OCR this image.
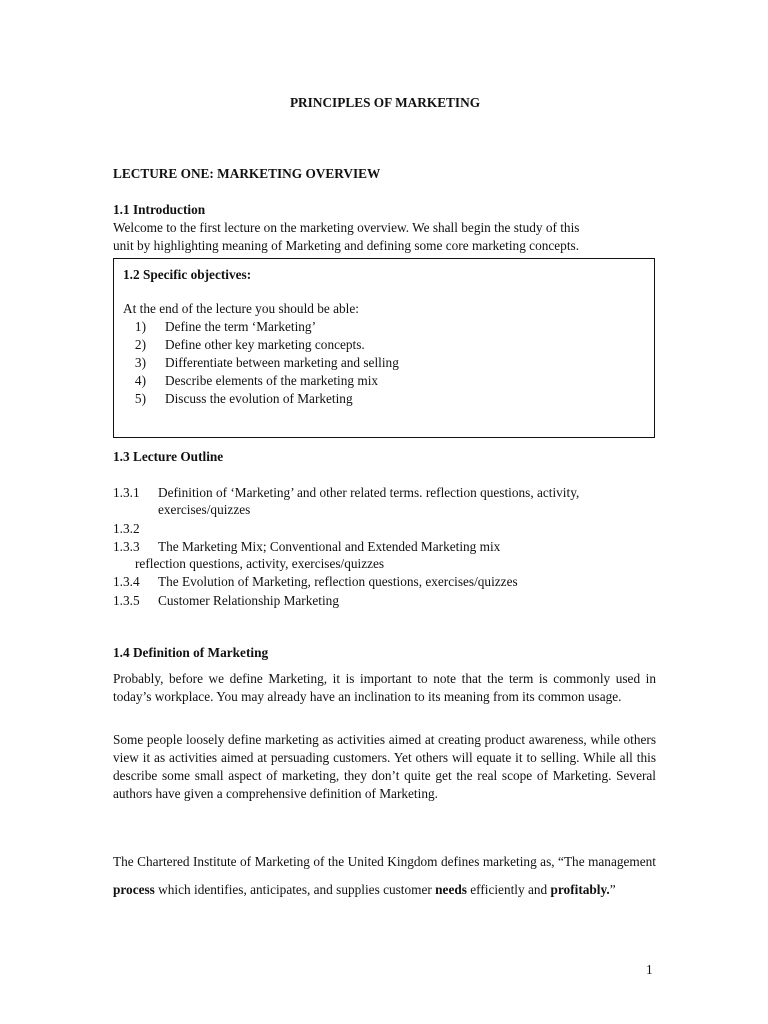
PRINCIPLES OF MARKETING
LECTURE ONE: MARKETING OVERVIEW
1.1 Introduction
Welcome to the first lecture on the marketing overview. We shall begin the study of this
unit by highlighting meaning of Marketing and defining some core marketing concepts.
1.2 Specific objectives:
At the end of the lecture you should be able:
1) Define the term ‘Marketing’
2) Define other key marketing concepts.
3) Differentiate between marketing and selling
4) Describe elements of the marketing mix
5) Discuss the evolution of Marketing
1.3 Lecture Outline
1.3.1 Definition of ‘Marketing’ and other related terms. reflection questions, activity,
exercises/quizzes
1.3.2
1.3.3 The Marketing Mix; Conventional and Extended Marketing mix
reflection questions, activity, exercises/quizzes
1.3.4 The Evolution of Marketing, reflection questions, exercises/quizzes
1.3.5 Customer Relationship Marketing
1.4 Definition of Marketing
Probably, before we define Marketing, it is important to note that the term is commonly used in today’s workplace. You may already have an inclination to its meaning from its common usage.
Some people loosely define marketing as activities aimed at creating product awareness, while others view it as activities aimed at persuading customers. Yet others will equate it to selling. While all this describe some small aspect of marketing, they don’t quite get the real scope of Marketing. Several authors have given a comprehensive definition of Marketing.
The Chartered Institute of Marketing of the United Kingdom defines marketing as, “The management process which identifies, anticipates, and supplies customer needs efficiently and profitably.”
1
